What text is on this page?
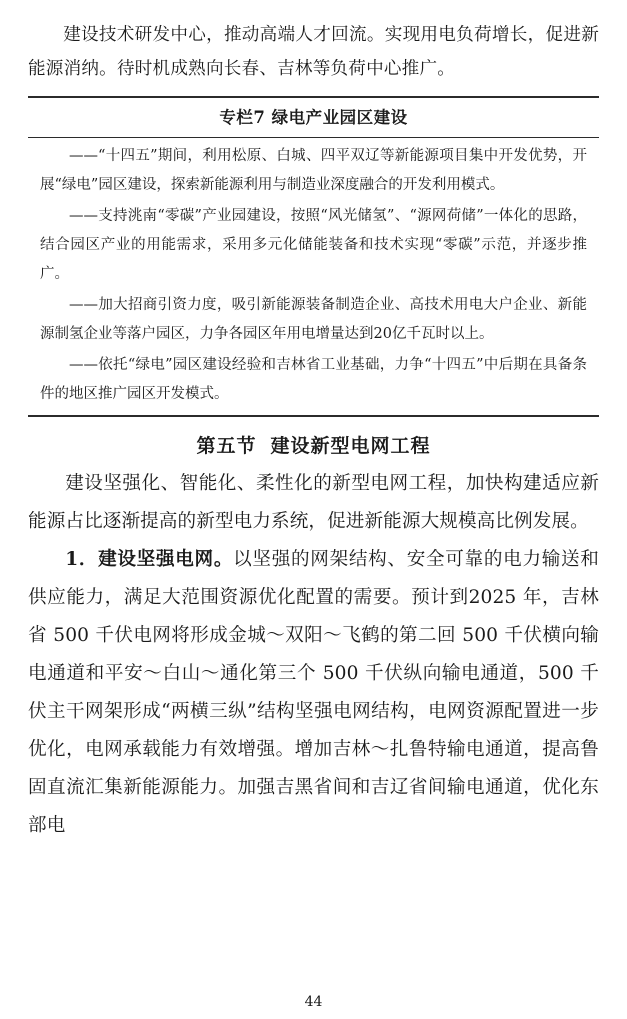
建设技术研发中心，推动高端人才回流。实现用电负荷增长，促进新能源消纳。待时机成熟向长春、吉林等负荷中心推广。

专栏7 绿电产业园区建设

——“十四五”期间，利用松原、白城、四平双辽等新能源项目集中开发优势，开展“绿电”园区建设，探索新能源利用与制造业深度融合的开发利用模式。

——支持洮南“零碳”产业园建设，按照“风光储氢”、“源网荷储”一体化的思路，结合园区产业的用能需求，采用多元化储能装备和技术实现“零碳”示范，并逐步推广。

——加大招商引资力度，吸引新能源装备制造企业、高技术用电大户企业、新能源制氢企业等落户园区，力争各园区年用电增量达到20亿千瓦时以上。

——依托“绿电”园区建设经验和吉林省工业基础，力争“十四五”中后期在具备条件的地区推广园区开发模式。

第五节 建设新型电网工程

建设坚强化、智能化、柔性化的新型电网工程，加快构建适应新能源占比逐渐提高的新型电力系统，促进新能源大规模高比例发展。

1．建设坚强电网。以坚强的网架结构、安全可靠的电力输送和供应能力，满足大范围资源优化配置的需要。预计到2025 年，吉林省 500 千伏电网将形成金城～双阳～飞鹤的第二回 500 千伏横向输电通道和平安～白山～通化第三个 500 千伏纵向输电通道，500 千伏主干网架形成“两横三纵”结构坚强电网结构，电网资源配置进一步优化，电网承载能力有效增强。增加吉林～扎鲁特输电通道，提高鲁固直流汇集新能源能力。加强吉黑省间和吉辽省间输电通道，优化东部电

44
